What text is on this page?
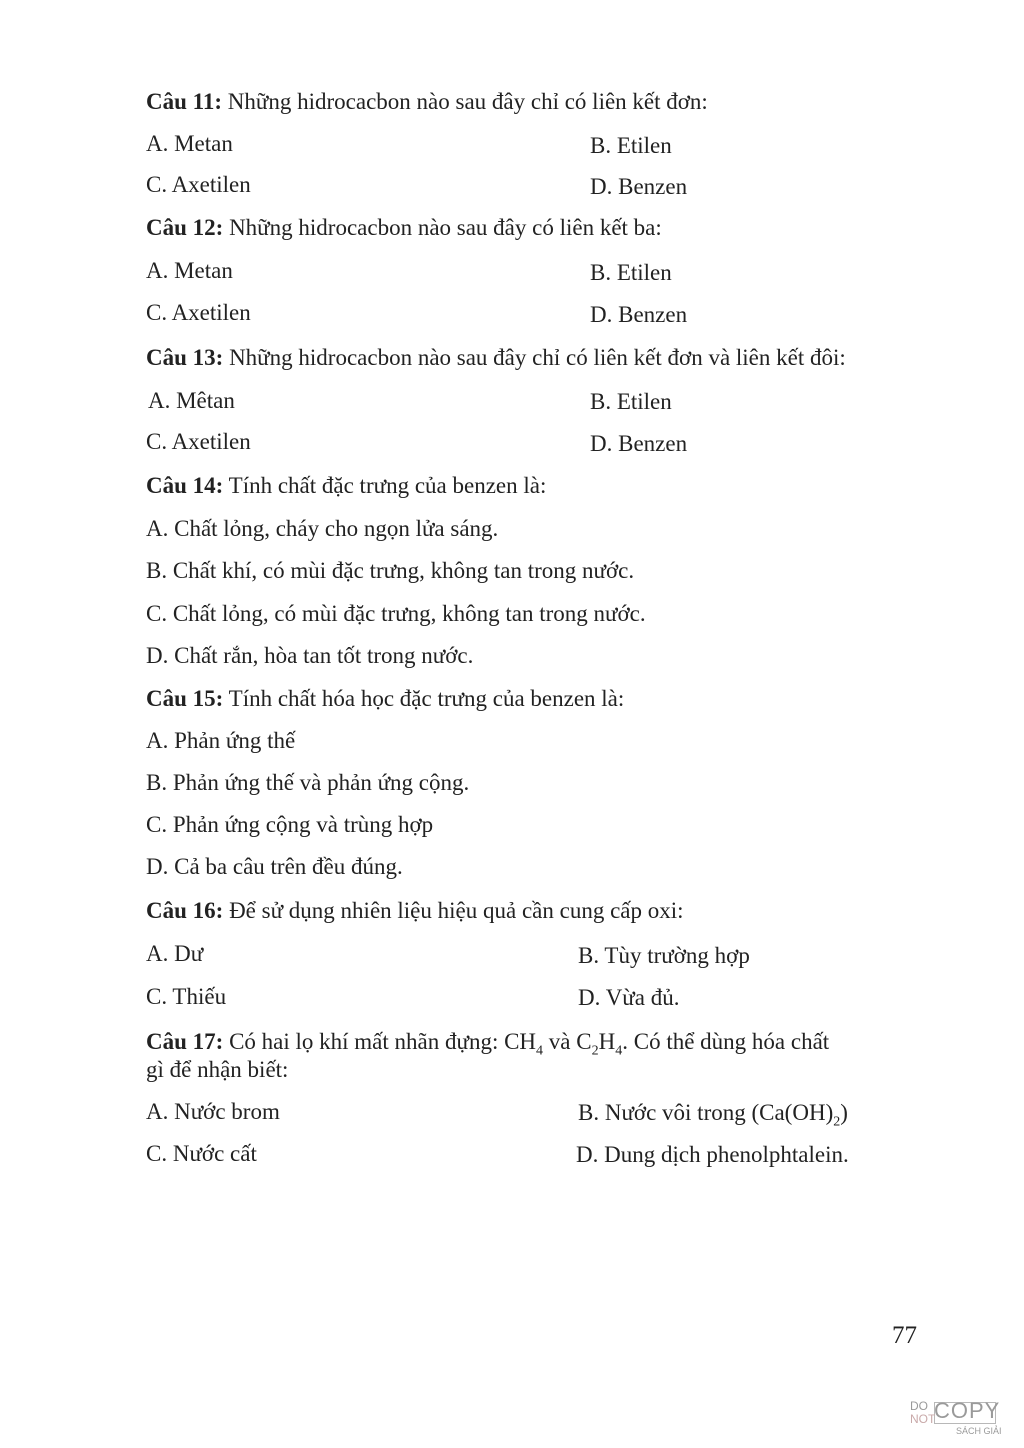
Câu 11: Những hidrocacbon nào sau đây chỉ có liên kết đơn:
A. Metan	B. Etilen
C. Axetilen	D. Benzen
Câu 12: Những hidrocacbon nào sau đây có liên kết ba:
A. Metan	B. Etilen
C. Axetilen	D. Benzen
Câu 13: Những hidrocacbon nào sau đây chỉ có liên kết đơn và liên kết đôi:
A. Mêtan	B. Etilen
C. Axetilen	D. Benzen
Câu 14: Tính chất đặc trưng của benzen là:
A. Chất lỏng, cháy cho ngọn lửa sáng.
B. Chất khí, có mùi đặc trưng, không tan trong nước.
C. Chất lỏng, có mùi đặc trưng, không tan trong nước.
D. Chất rắn, hòa tan tốt trong nước.
Câu 15: Tính chất hóa học đặc trưng của benzen là:
A. Phản ứng thế
B. Phản ứng thế và phản ứng cộng.
C. Phản ứng cộng và trùng hợp
D. Cả ba câu trên đều đúng.
Câu 16: Để sử dụng nhiên liệu hiệu quả cần cung cấp oxi:
A. Dư	B. Tùy trường hợp
C. Thiếu	D. Vừa đủ.
Câu 17: Có hai lọ khí mất nhãn đựng: $CH_4$ và $C_2H_4$. Có thể dùng hóa chất
gì để nhận biết:
A. Nước brom	B. Nước vôi trong $(Ca(OH)_2)$
C. Nước cất	D. Dung dịch phenolphtalein.
77
DO
NOT
COPY
SÁCH GIẢI
